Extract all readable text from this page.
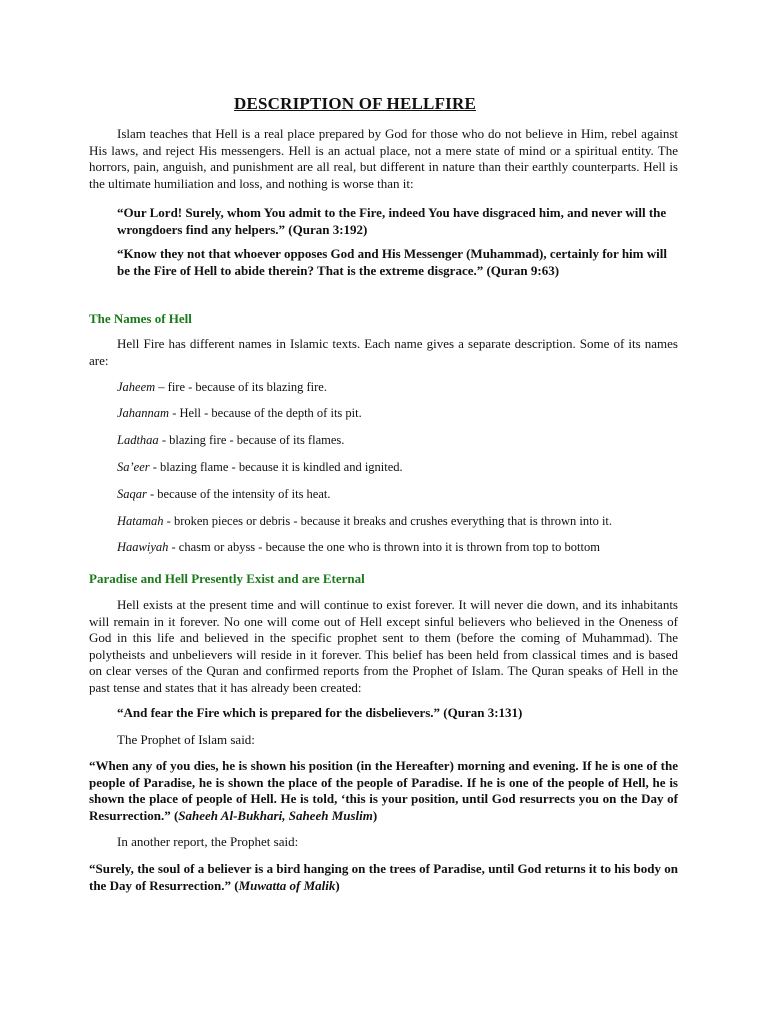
DESCRIPTION OF HELLFIRE

Islam teaches that Hell is a real place prepared by God for those who do not believe in Him, rebel against His laws, and reject His messengers. Hell is an actual place, not a mere state of mind or a spiritual entity. The horrors, pain, anguish, and punishment are all real, but different in nature than their earthly counterparts. Hell is the ultimate humiliation and loss, and nothing is worse than it:

“Our Lord! Surely, whom You admit to the Fire, indeed You have disgraced him, and never will the wrongdoers find any helpers.” (Quran 3:192)

“Know they not that whoever opposes God and His Messenger (Muhammad), certainly for him will be the Fire of Hell to abide therein? That is the extreme disgrace.” (Quran 9:63)

The Names of Hell

Hell Fire has different names in Islamic texts. Each name gives a separate description. Some of its names are:

Jaheem – fire - because of its blazing fire.
Jahannam - Hell - because of the depth of its pit.
Ladthaa - blazing fire - because of its flames.
Sa’eer - blazing flame - because it is kindled and ignited.
Saqar - because of the intensity of its heat.
Hatamah - broken pieces or debris - because it breaks and crushes everything that is thrown into it.
Haawiyah - chasm or abyss - because the one who is thrown into it is thrown from top to bottom
Paradise and Hell Presently Exist and are Eternal

Hell exists at the present time and will continue to exist forever. It will never die down, and its inhabitants will remain in it forever. No one will come out of Hell except sinful believers who believed in the Oneness of God in this life and believed in the specific prophet sent to them (before the coming of Muhammad). The polytheists and unbelievers will reside in it forever. This belief has been held from classical times and is based on clear verses of the Quran and confirmed reports from the Prophet of Islam. The Quran speaks of Hell in the past tense and states that it has already been created:

“And fear the Fire which is prepared for the disbelievers.” (Quran 3:131)

The Prophet of Islam said:

“When any of you dies, he is shown his position (in the Hereafter) morning and evening. If he is one of the people of Paradise, he is shown the place of the people of Paradise. If he is one of the people of Hell, he is shown the place of people of Hell. He is told, ‘this is your position, until God resurrects you on the Day of Resurrection.” (Saheeh Al-Bukhari, Saheeh Muslim)

In another report, the Prophet said:

“Surely, the soul of a believer is a bird hanging on the trees of Paradise, until God returns it to his body on the Day of Resurrection.” (Muwatta of Malik)
